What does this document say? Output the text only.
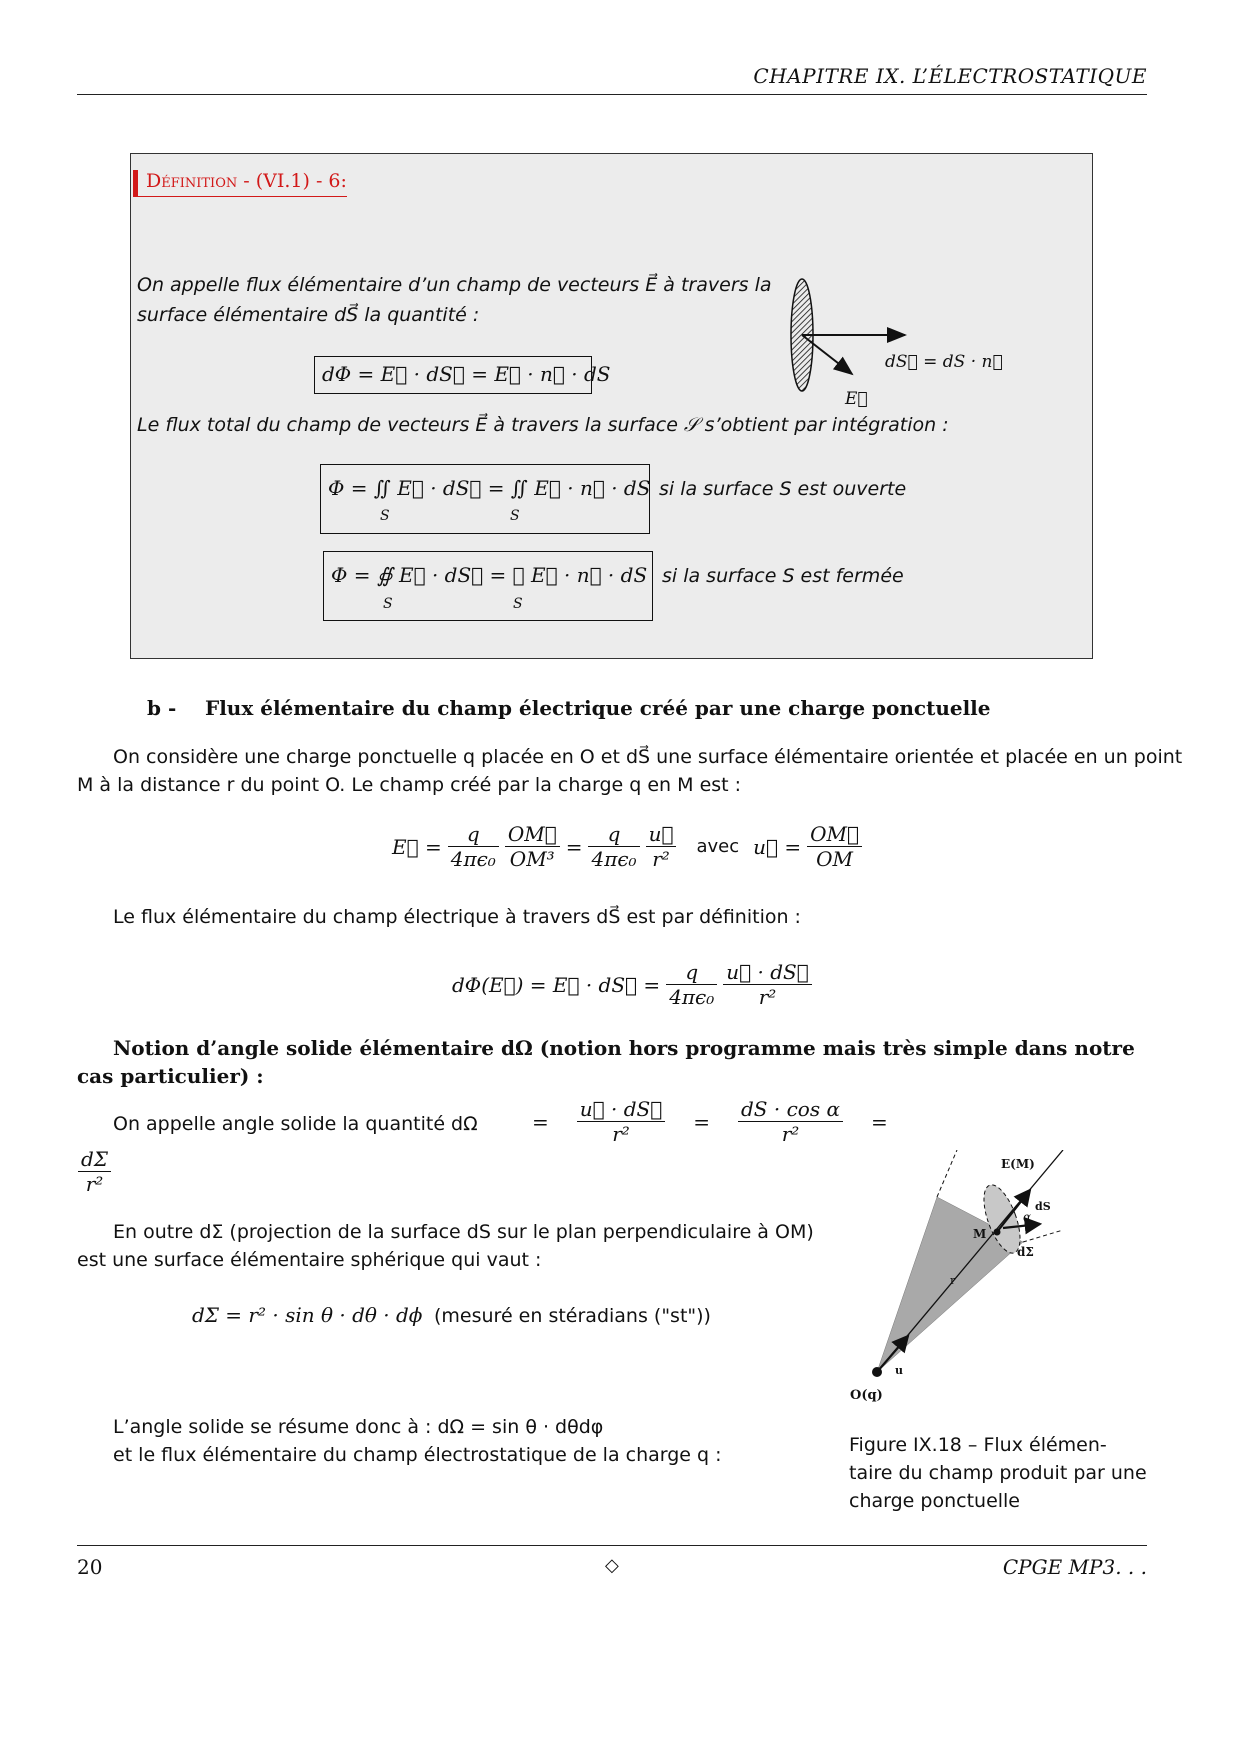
CHAPITRE IX. L’ÉLECTROSTATIQUE
Définition - (VI.1) - 6:
On appelle flux élémentaire d’un champ de vecteurs E⃗ à travers la
surface élémentaire dS⃗ la quantité :
dΦ = E⃗ · dS⃗ = E⃗ · n⃗ · dS
Le flux total du champ de vecteurs E⃗ à travers la surface 𝒮 s’obtient par intégration :
Φ = ∬ E⃗ · dS⃗ = ∬ E⃗ · n⃗ · dS
S	S
si la surface S est ouverte
Φ = ∯ E⃗ · dS⃗ = ∯ E⃗ · n⃗ · dS
S	S
si la surface S est fermée
dS⃗ = dS · n⃗
E⃗
b - Flux élémentaire du champ électrique créé par une charge ponctuelle
On considère une charge ponctuelle q placée en O et dS⃗ une surface élémentaire orientée et placée en un point
M à la distance r du point O. Le champ créé par la charge q en M est :
E⃗ = $\frac{q}{\text{4πϵ₀}} \frac{OM⃗}{\text{OM³}} = \frac{q}{\text{4πϵ₀}} \frac{u⃗}{\text{r²}}$ avec u⃗ = $\frac{OM⃗}{OM}$
Le flux élémentaire du champ électrique à travers dS⃗ est par définition :
dΦ(E⃗) = E⃗ · dS⃗ = $\frac{q}{\text{4πϵ₀}} \frac{u⃗ \cdot dS⃗}{\text{r²}}$
Notion d’angle solide élémentaire dΩ (notion hors programme mais très simple dans notre
cas particulier) :
On appelle angle solide la quantité dΩ	= $\frac{u⃗ \cdot dS⃗}{\text{r²}} = \frac{\text{dS · cos α}}{\text{r²}}$ =
$\frac{d\Sigma}{\text{r²}}$
En outre dΣ (projection de la surface dS sur le plan perpendiculaire à OM)
est une surface élémentaire sphérique qui vaut :
dΣ = r² · sin θ · dθ · dϕ (mesuré en stéradians ("st"))
L’angle solide se résume donc à : dΩ = sin θ · dθdφ
et le flux élémentaire du champ électrostatique de la charge q :
E(M)
M
α
dS
dΣ
r
u
O(q)
Figure IX.18 – Flux élémen-
taire du champ produit par une
charge ponctuelle
20	◇	CPGE MP3. . .
